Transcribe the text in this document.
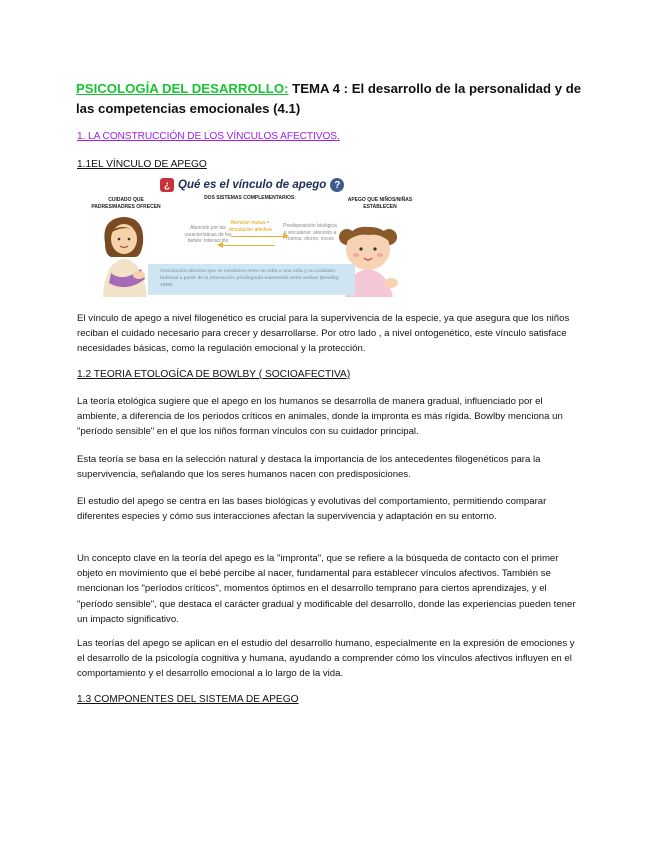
PSICOLOGÍA DEL DESARROLLO: TEMA 4 : El desarrollo de la personalidad y de las competencias emocionales (4.1)
1. LA CONSTRUCCIÓN DE LOS VÍNCULOS AFECTIVOS.
1.1EL VÍNCULO DE APEGO
¿ Qué es el vínculo de apego ?
CUIDADO QUE PADRES/MADRES OFRECEN
DOS SISTEMAS COMPLEMENTARIOS:	APEGO QUE NIÑOS/NIÑAS ESTABLECEN
Atención por las características de los bebés: interacción
Atención mutua = vinculación afectiva
Predisposición biológica a vincularse: atención a rostros, olores, voces
Vinculación afectiva que se establece entre un niño o una niña y su cuidador habitual a partir de la interacción privilegiada mantenida entre ambos (Bowlby, 1969)
El vínculo de apego a nivel filogenético es crucial para la supervivencia de la especie, ya que asegura que los niños reciban el cuidado necesario para crecer y desarrollarse. Por otro lado , a nivel ontogenético, este vínculo satisface necesidades básicas, como la regulación emocional y la protección.
1.2 TEORIA ETOLOGÍCA DE BOWLBY ( SOCIOAFECTIVA)
La teoría etológica sugiere que el apego en los humanos se desarrolla de manera gradual, influenciado por el ambiente, a diferencia de los periodos críticos en animales, donde la impronta es más rígida. Bowlby menciona un "período sensible" en el que los niños forman vínculos con su cuidador principal.
Esta teoría se basa en la selección natural y destaca la importancia de los antecedentes filogenéticos para la supervivencia, señalando que los seres humanos nacen con predisposiciones.
El estudio del apego se centra en las bases biológicas y evolutivas del comportamiento, permitiendo comparar diferentes especies y cómo sus interacciones afectan la supervivencia y adaptación en su entorno.
Un concepto clave en la teoría del apego es la "impronta", que se refiere a la búsqueda de contacto con el primer objeto en movimiento que el bebé percibe al nacer, fundamental para establecer vínculos afectivos. También se mencionan los "períodos críticos", momentos óptimos en el desarrollo temprano para ciertos aprendizajes, y el "período sensible", que destaca el carácter gradual y modificable del desarrollo, donde las experiencias pueden tener un impacto significativo.
Las teorías del apego se aplican en el estudio del desarrollo humano, especialmente en la expresión de emociones y el desarrollo de la psicología cognitiva y humana, ayudando a comprender cómo los vínculos afectivos influyen en el comportamiento y el desarrollo emocional a lo largo de la vida.
1.3 COMPONENTES DEL SISTEMA DE APEGO
